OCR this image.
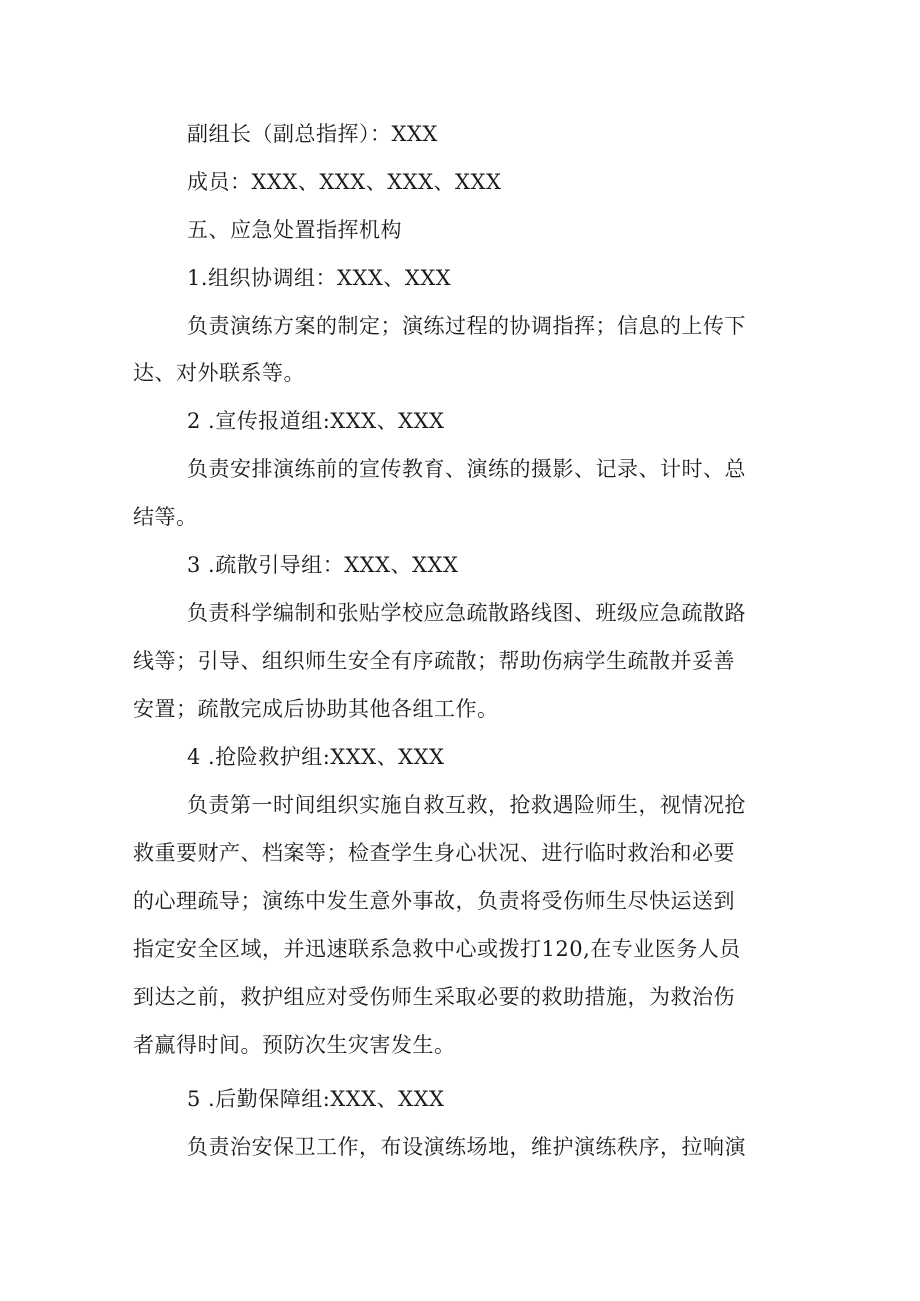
副组长（副总指挥）：XXX
成员：XXX、XXX、XXX、XXX
五、应急处置指挥机构
1.组织协调组：XXX、XXX
负责演练方案的制定；演练过程的协调指挥；信息的上传下
达、对外联系等。
2 .宣传报道组:XXX、XXX
负责安排演练前的宣传教育、演练的摄影、记录、计时、总
结等。
3 .疏散引导组：XXX、XXX
负责科学编制和张贴学校应急疏散路线图、班级应急疏散路
线等；引导、组织师生安全有序疏散；帮助伤病学生疏散并妥善
安置；疏散完成后协助其他各组工作。
4 .抢险救护组:XXX、XXX
负责第一时间组织实施自救互救，抢救遇险师生，视情况抢
救重要财产、档案等；检查学生身心状况、进行临时救治和必要
的心理疏导；演练中发生意外事故，负责将受伤师生尽快运送到
指定安全区域，并迅速联系急救中心或拨打120,在专业医务人员
到达之前，救护组应对受伤师生采取必要的救助措施，为救治伤
者赢得时间。预防次生灾害发生。
5 .后勤保障组:XXX、XXX
负责治安保卫工作，布设演练场地，维护演练秩序，拉响演
